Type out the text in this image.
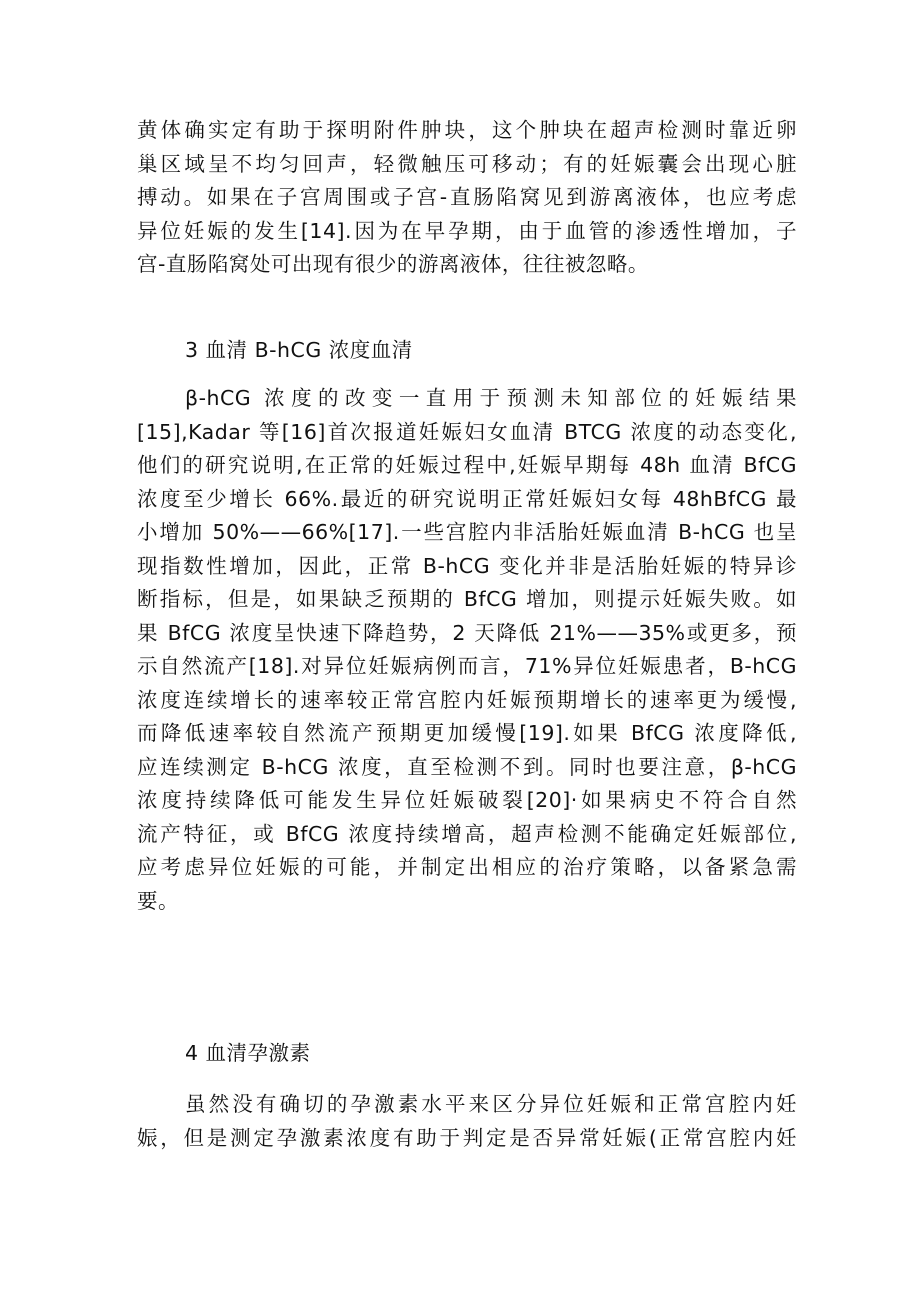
黄体确实定有助于探明附件肿块，这个肿块在超声检测时靠近卵
巢区域呈不均匀回声，轻微触压可移动；有的妊娠囊会出现心脏
搏动。如果在子宫周围或子宫-直肠陷窝见到游离液体，也应考虑
异位妊娠的发生[14].因为在早孕期，由于血管的渗透性增加，子
宫-直肠陷窝处可出现有很少的游离液体，往往被忽略。
3 血清 B-hCG 浓度血清
β-hCG 浓度的改变一直用于预测未知部位的妊娠结果
[15],Kadar 等[16]首次报道妊娠妇女血清 BTCG 浓度的动态变化,
他们的研究说明,在正常的妊娠过程中,妊娠早期每 48h 血清 BfCG
浓度至少增长 66%.最近的研究说明正常妊娠妇女每 48hBfCG 最
小增加 50%——66%[17].一些宫腔内非活胎妊娠血清 B-hCG 也呈
现指数性增加，因此，正常 B-hCG 变化并非是活胎妊娠的特异诊
断指标，但是，如果缺乏预期的 BfCG 增加，则提示妊娠失败。如
果 BfCG 浓度呈快速下降趋势，2 天降低 21%——35%或更多，预
示自然流产[18].对异位妊娠病例而言，71%异位妊娠患者，B-hCG
浓度连续增长的速率较正常宫腔内妊娠预期增长的速率更为缓慢,
而降低速率较自然流产预期更加缓慢[19].如果 BfCG 浓度降低,
应连续测定 B-hCG 浓度，直至检测不到。同时也要注意，β-hCG
浓度持续降低可能发生异位妊娠破裂[20]·如果病史不符合自然
流产特征，或 BfCG 浓度持续增高，超声检测不能确定妊娠部位,
应考虑异位妊娠的可能，并制定出相应的治疗策略，以备紧急需
要。
4 血清孕激素
虽然没有确切的孕激素水平来区分异位妊娠和正常宫腔内妊
娠，但是测定孕激素浓度有助于判定是否异常妊娠(正常宫腔内妊
